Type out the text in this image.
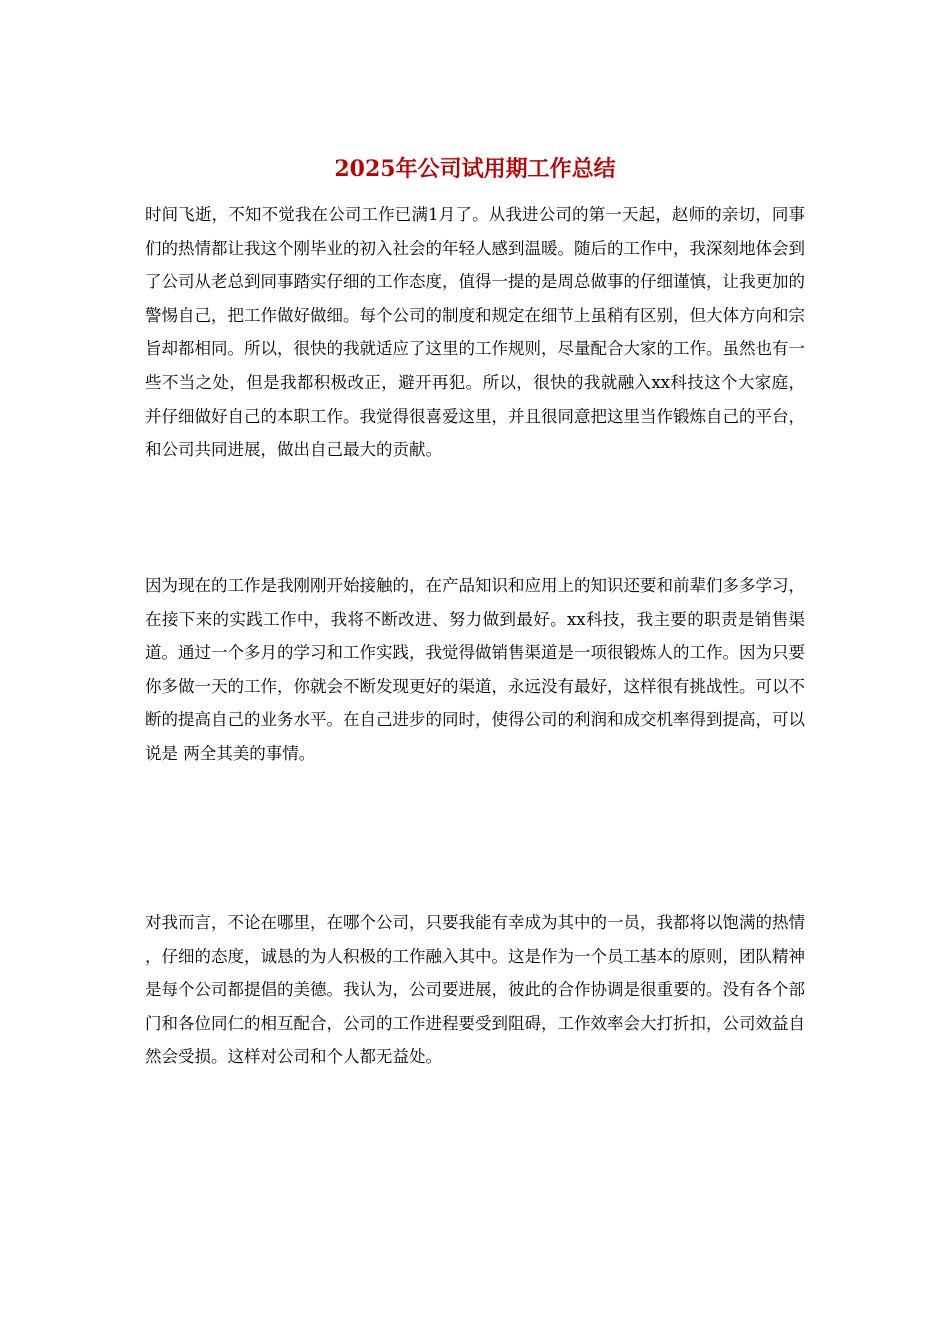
2025年公司试用期工作总结

时间飞逝，不知不觉我在公司工作已满1月了。从我进公司的第一天起，赵师的亲切，同事们的热情都让我这个刚毕业的初入社会的年轻人感到温暖。随后的工作中，我深刻地体会到了公司从老总到同事踏实仔细的工作态度，值得一提的是周总做事的仔细谨慎，让我更加的警惕自己，把工作做好做细。每个公司的制度和规定在细节上虽稍有区别，但大体方向和宗旨却都相同。所以，很快的我就适应了这里的工作规则，尽量配合大家的工作。虽然也有一些不当之处，但是我都积极改正，避开再犯。所以，很快的我就融入xx科技这个大家庭，并仔细做好自己的本职工作。我觉得很喜爱这里，并且很同意把这里当作锻炼自己的平台，和公司共同进展，做出自己最大的贡献。

因为现在的工作是我刚刚开始接触的，在产品知识和应用上的知识还要和前辈们多多学习，在接下来的实践工作中，我将不断改进、努力做到最好。xx科技，我主要的职责是销售渠道。通过一个多月的学习和工作实践，我觉得做销售渠道是一项很锻炼人的工作。因为只要你多做一天的工作，你就会不断发现更好的渠道，永远没有最好，这样很有挑战性。可以不断的提高自己的业务水平。在自己进步的同时，使得公司的利润和成交机率得到提高，可以说是 两全其美的事情。

对我而言，不论在哪里，在哪个公司，只要我能有幸成为其中的一员，我都将以饱满的热情，仔细的态度，诚恳的为人积极的工作融入其中。这是作为一个员工基本的原则，团队精神是每个公司都提倡的美德。我认为，公司要进展，彼此的合作协调是很重要的。没有各个部门和各位同仁的相互配合，公司的工作进程要受到阻碍，工作效率会大打折扣，公司效益自然会受损。这样对公司和个人都无益处。
